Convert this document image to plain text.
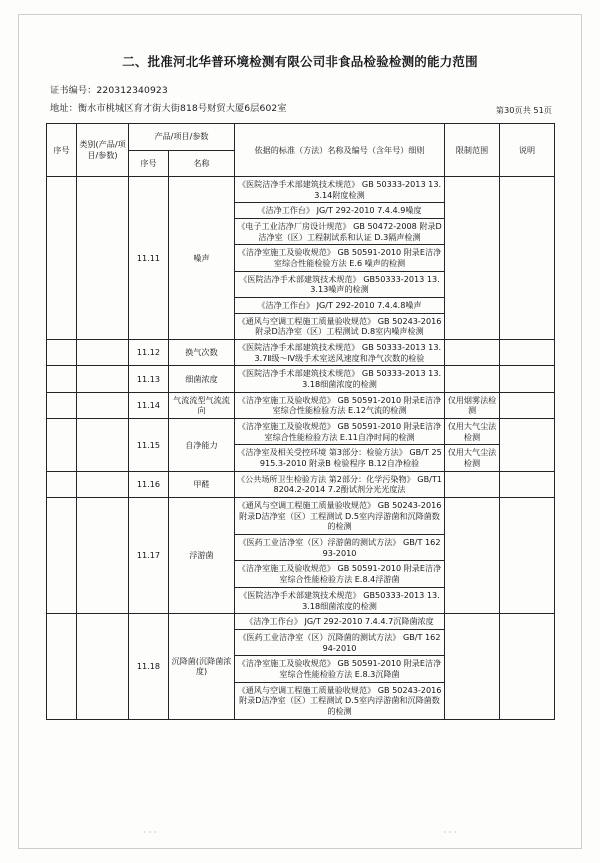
二、批准河北华普环境检测有限公司非食品检验检测的能力范围
证书编号：220312340923
地址：衡水市桃城区育才街大街818号财贸大厦6层602室	第30页共 51页
序号	类别(产品/项目/参数)	产品/项目/参数		依据的标准（方法）名称及编号（含年号）细则	限制范围	说明
		序号	名称			
		11.11	噪声	《医院洁净手术部建筑技术规范》 GB 50333-2013 13.3.14附度检测		
				《洁净工作台》 JG/T 292-2010 7.4.4.9噪度		
				《电子工业洁净厂房设计规范》 GB 50472-2008 附录D洁净室（区）工程制试系和认证 D.3隔声检测		
				《洁净室施工及验收规范》 GB 50591-2010 附录E洁净室综合性能检验方法 E.6 噪声的检测		
				《医院洁净手术部建筑技术规范》 GB50333-2013 13.3.13噪声的检测		
				《洁净工作台》 JG/T 292-2010 7.4.4.8噪声		
				《通风与空调工程施工质量验收规范》 GB 50243-2016 附录D洁净室（区）工程测试 D.8室内噪声检测		
		11.12	换气次数	《医院洁净手术部建筑技术规范》 GB 50333-2013 13.3.7Ⅱ级～Ⅳ级手术室送风速度和净气次数的检验		
		11.13	细菌浓度	《医院洁净手术部建筑技术规范》 GB 50333-2013 13.3.18细菌浓度的检测		
		11.14	气流流型气流流向	《洁净室施工及验收规范》 GB 50591-2010 附录E洁净室综合性能检验方法 E.12气流的检测	仅用烟雾法检测	
		11.15	自净能力	《洁净室施工及验收规范》 GB 50591-2010 附录E洁净室综合性能检验方法 E.11自净时间的检测	仅用大气尘法检测	
				《洁净室及相关受控环境 第3部分：检验方法》 GB/T 25915.3-2010 附录B 检验程序 B.12自净检验	仅用大气尘法检测	
		11.16	甲醛	《公共场所卫生检验方法 第2部分：化学污染物》 GB/T18204.2-2014 7.2酚试剂分光光度法		
		11.17	浮游菌	《通风与空调工程施工质量验收规范》 GB 50243-2016 附录D洁净室（区）工程测试 D.5室内浮游菌和沉降菌数的检测		
				《医药工业洁净室（区）浮游菌的测试方法》 GB/T 16293-2010		
				《洁净室施工及验收规范》 GB 50591-2010 附录E洁净室综合性能检验方法 E.8.4浮游菌		
				《医院洁净手术部建筑技术规范》 GB50333-2013 13.3.18细菌浓度的检测		
		11.18	沉降菌(沉降菌浓度)	《洁净工作台》 JG/T 292-2010 7.4.4.7沉降菌浓度		
				《医药工业洁净室（区）沉降菌的测试方法》 GB/T 16294-2010		
				《洁净室施工及验收规范》 GB 50591-2010 附录E洁净室综合性能检验方法 E.8.3沉降菌		
				《通风与空调工程施工质量验收规范》 GB 50243-2016 附录D洁净室（区）工程测试 D.5室内浮游菌和沉降菌数的检测		
· · ·	· · ·
